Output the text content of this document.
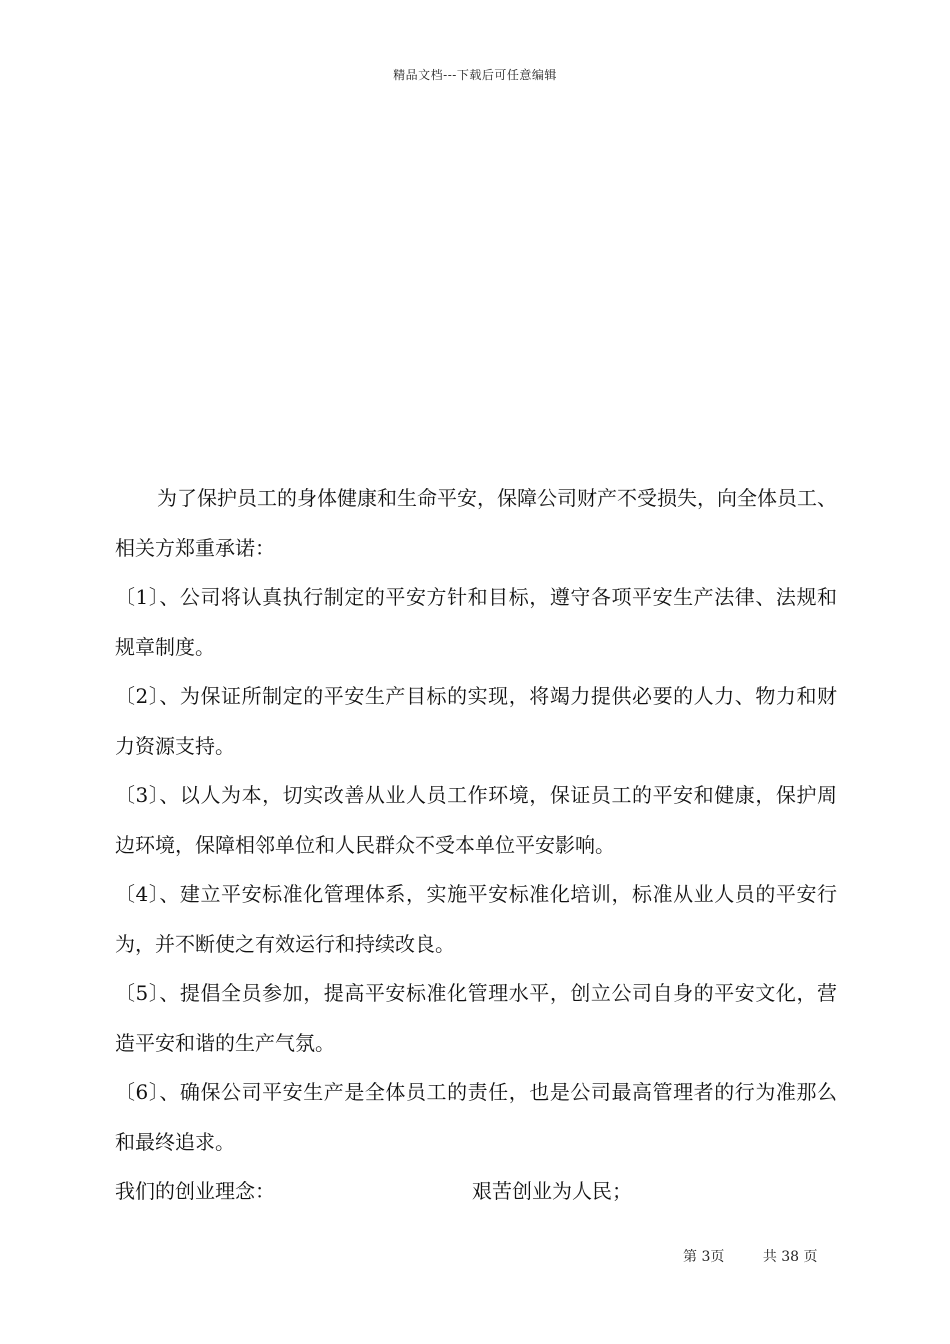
精品文档---下载后可任意编辑

为了保护员工的身体健康和生命平安，保障公司财产不受损失，向全体员工、相关方郑重承诺：

〔1〕、公司将认真执行制定的平安方针和目标，遵守各项平安生产法律、法规和规章制度。

〔2〕、为保证所制定的平安生产目标的实现，将竭力提供必要的人力、物力和财力资源支持。

〔3〕、以人为本，切实改善从业人员工作环境，保证员工的平安和健康，保护周边环境，保障相邻单位和人民群众不受本单位平安影响。

〔4〕、建立平安标准化管理体系，实施平安标准化培训，标准从业人员的平安行为，并不断使之有效运行和持续改良。

〔5〕、提倡全员参加，提高平安标准化管理水平，创立公司自身的平安文化，营造平安和谐的生产气氛。

〔6〕、确保公司平安生产是全体员工的责任，也是公司最高管理者的行为准那么和最终追求。

我们的创业理念：	艰苦创业为人民；
第 3页	共 38 页
